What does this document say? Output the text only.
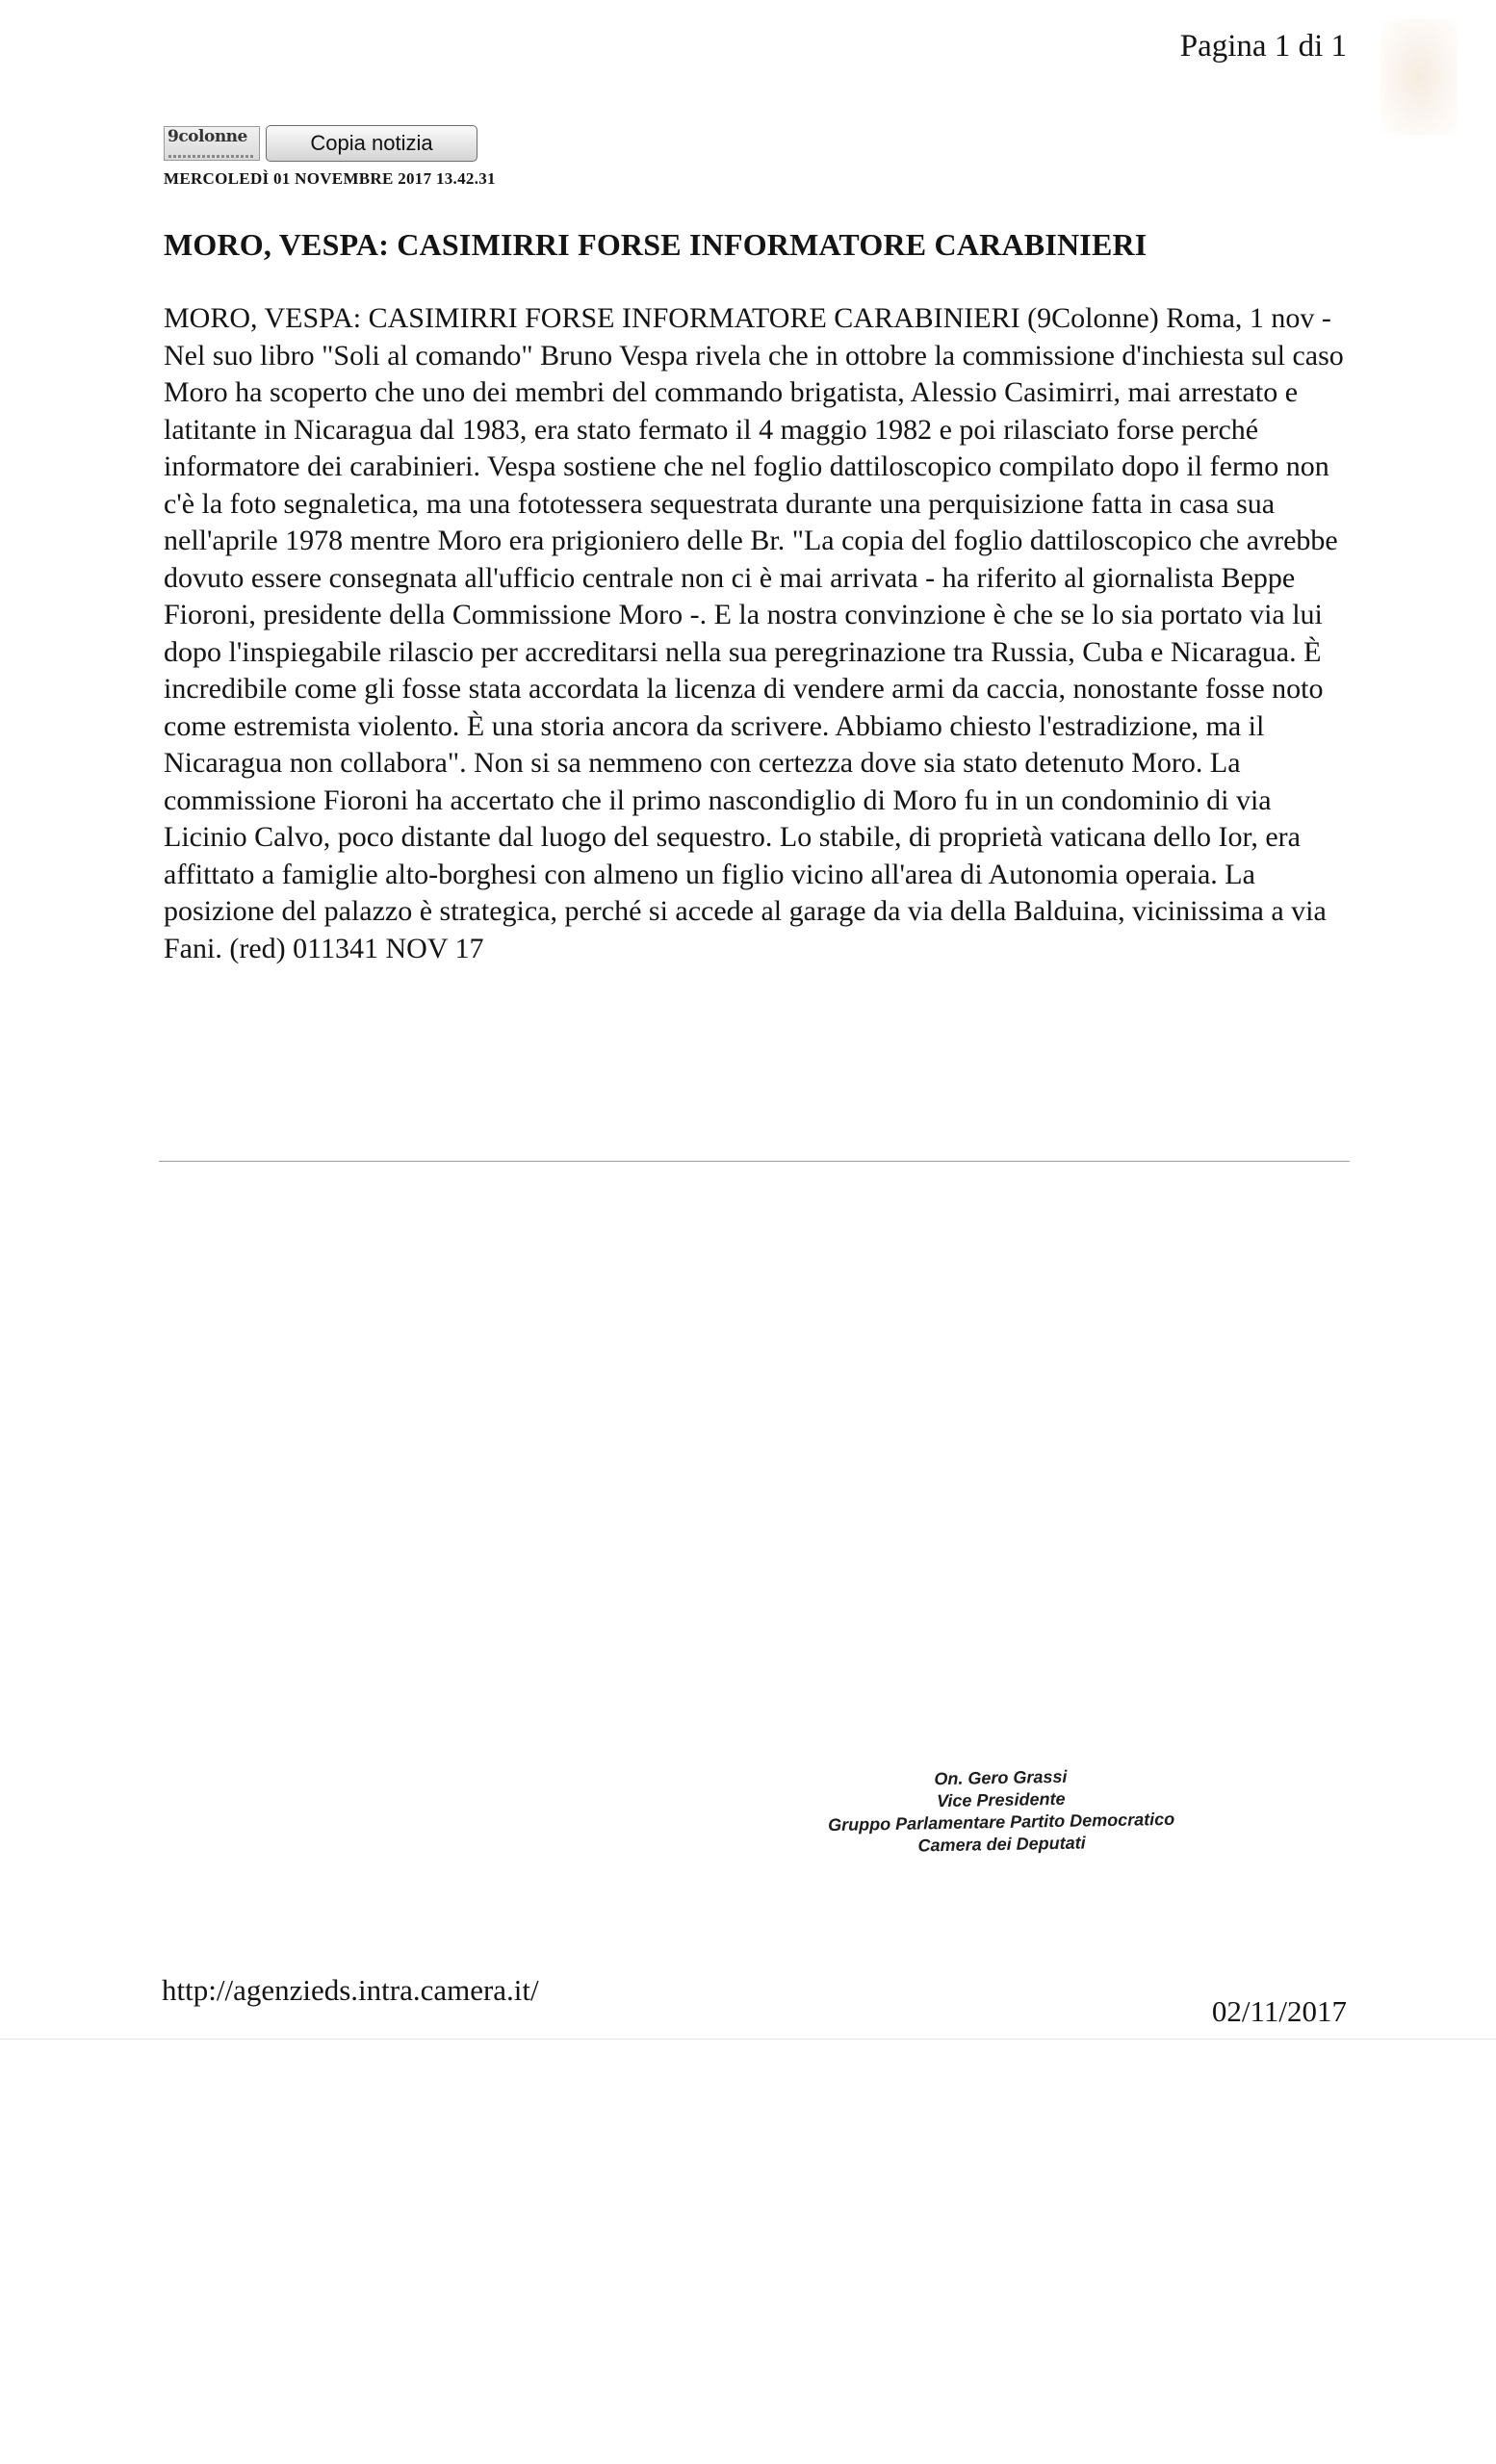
Pagina 1 di 1
9colonne	Copia notizia
MERCOLEDÌ 01 NOVEMBRE 2017 13.42.31
MORO, VESPA: CASIMIRRI FORSE INFORMATORE CARABINIERI

MORO, VESPA: CASIMIRRI FORSE INFORMATORE CARABINIERI (9Colonne) Roma, 1 nov - Nel suo libro "Soli al comando" Bruno Vespa rivela che in ottobre la commissione d'inchiesta sul caso Moro ha scoperto che uno dei membri del commando brigatista, Alessio Casimirri, mai arrestato e latitante in Nicaragua dal 1983, era stato fermato il 4 maggio 1982 e poi rilasciato forse perché informatore dei carabinieri. Vespa sostiene che nel foglio dattiloscopico compilato dopo il fermo non c'è la foto segnaletica, ma una fototessera sequestrata durante una perquisizione fatta in casa sua nell'aprile 1978 mentre Moro era prigioniero delle Br. "La copia del foglio dattiloscopico che avrebbe dovuto essere consegnata all'ufficio centrale non ci è mai arrivata - ha riferito al giornalista Beppe Fioroni, presidente della Commissione Moro -. E la nostra convinzione è che se lo sia portato via lui dopo l'inspiegabile rilascio per accreditarsi nella sua peregrinazione tra Russia, Cuba e Nicaragua. È incredibile come gli fosse stata accordata la licenza di vendere armi da caccia, nonostante fosse noto come estremista violento. È una storia ancora da scrivere. Abbiamo chiesto l'estradizione, ma il Nicaragua non collabora". Non si sa nemmeno con certezza dove sia stato detenuto Moro. La commissione Fioroni ha accertato che il primo nascondiglio di Moro fu in un condominio di via Licinio Calvo, poco distante dal luogo del sequestro. Lo stabile, di proprietà vaticana dello Ior, era affittato a famiglie alto-borghesi con almeno un figlio vicino all'area di Autonomia operaia. La posizione del palazzo è strategica, perché si accede al garage da via della Balduina, vicinissima a via Fani. (red) 011341 NOV 17

On. Gero Grassi
Vice Presidente
Gruppo Parlamentare Partito Democratico
Camera dei Deputati
http://agenzieds.intra.camera.it/
02/11/2017
